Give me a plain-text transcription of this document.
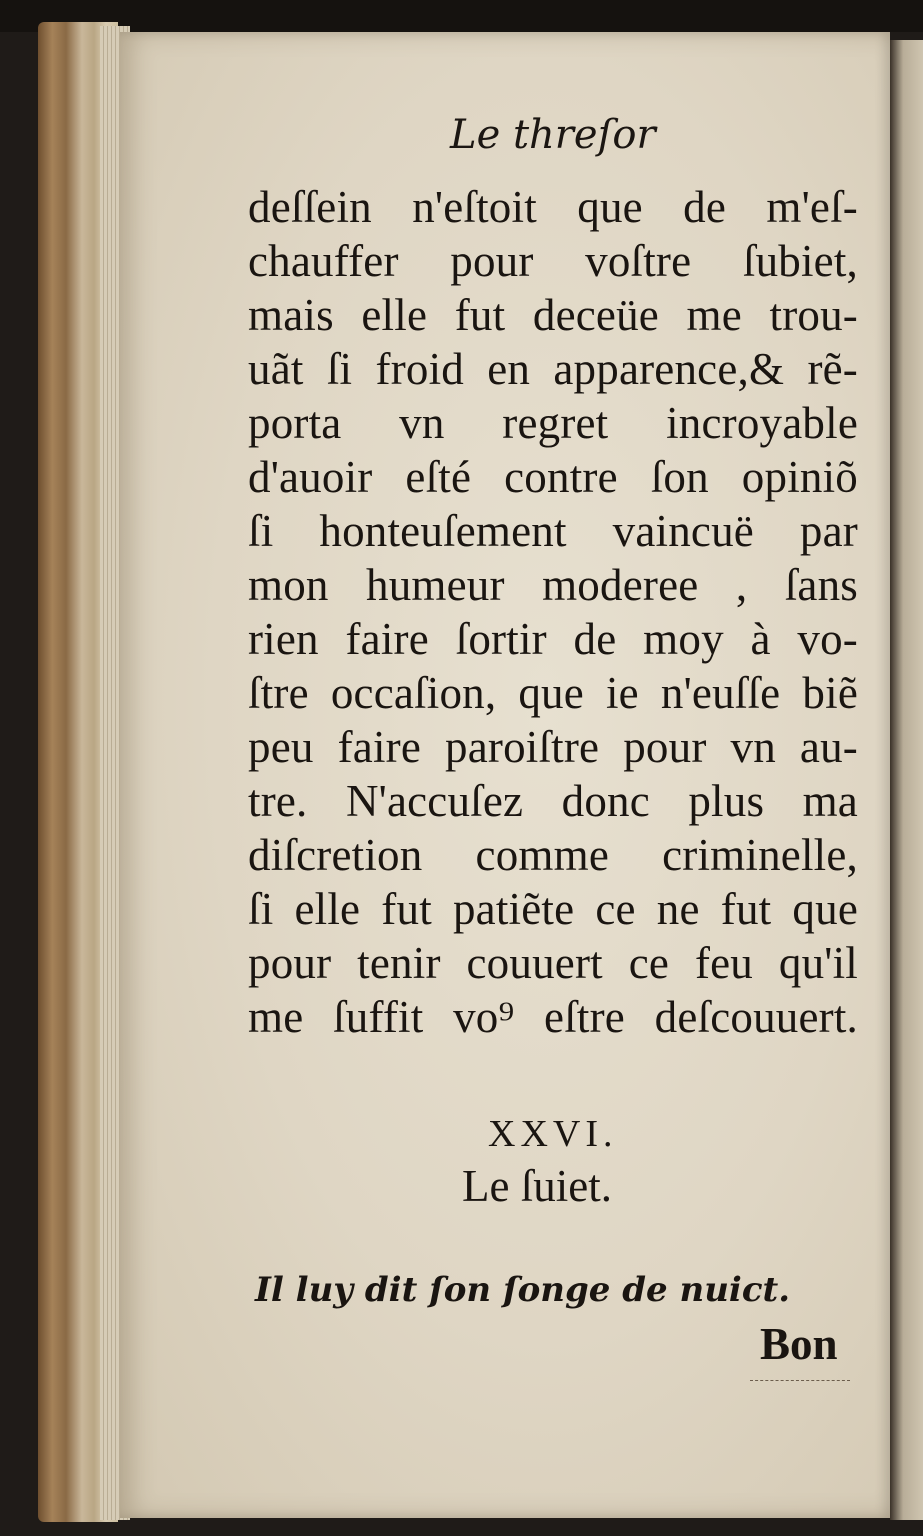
Le threſor
deſſein n'eſtoit que de m'eſ-
chauffer pour voſtre ſubiet,
mais elle fut deceüe me trou-
uãt ſi froid en apparence,& rẽ-
porta vn regret incroyable
d'auoir eſté contre ſon opiniõ
ſi honteuſement vaincuë par
mon humeur moderee , ſans
rien faire ſortir de moy à vo-
ſtre occaſion, que ie n'euſſe biẽ
peu faire paroiſtre pour vn au-
tre. N'accuſez donc plus ma
diſcretion comme criminelle,
ſi elle fut patiẽte ce ne fut que
pour tenir couuert ce feu qu'il
me ſuffit vo⁹ eſtre deſcouuert.
XXVI.
Le ſuiet.
Il luy dit ſon ſonge de nuict.
Bon
